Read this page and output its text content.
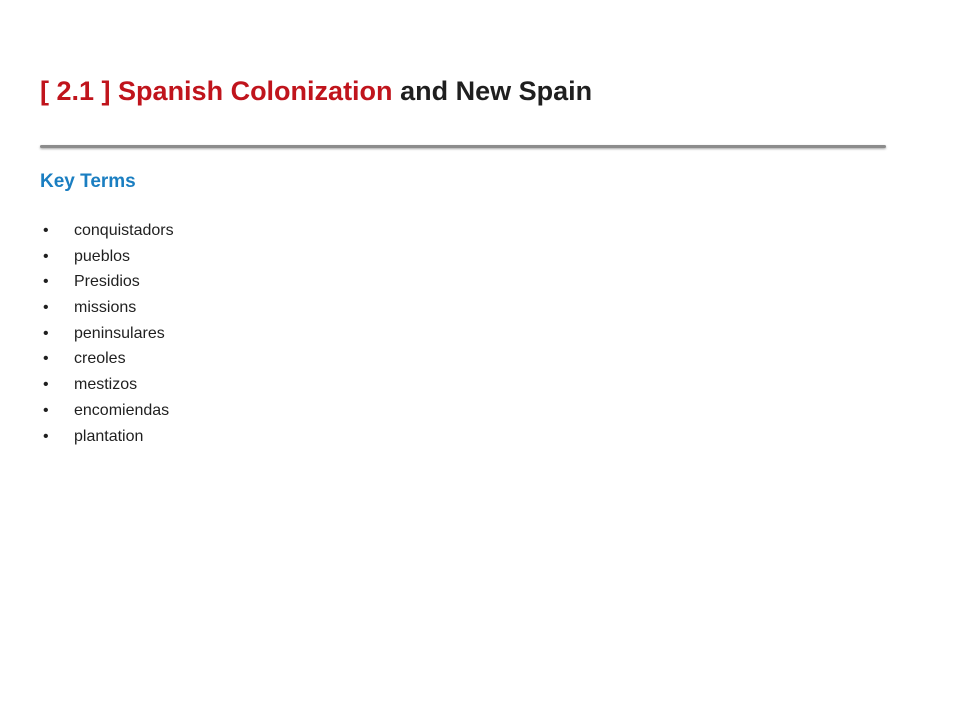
[ 2.1 ] Spanish Colonization and New Spain
Key Terms
• conquistadors
• pueblos
• Presidios
• missions
• peninsulares
• creoles
• mestizos
• encomiendas
• plantation
